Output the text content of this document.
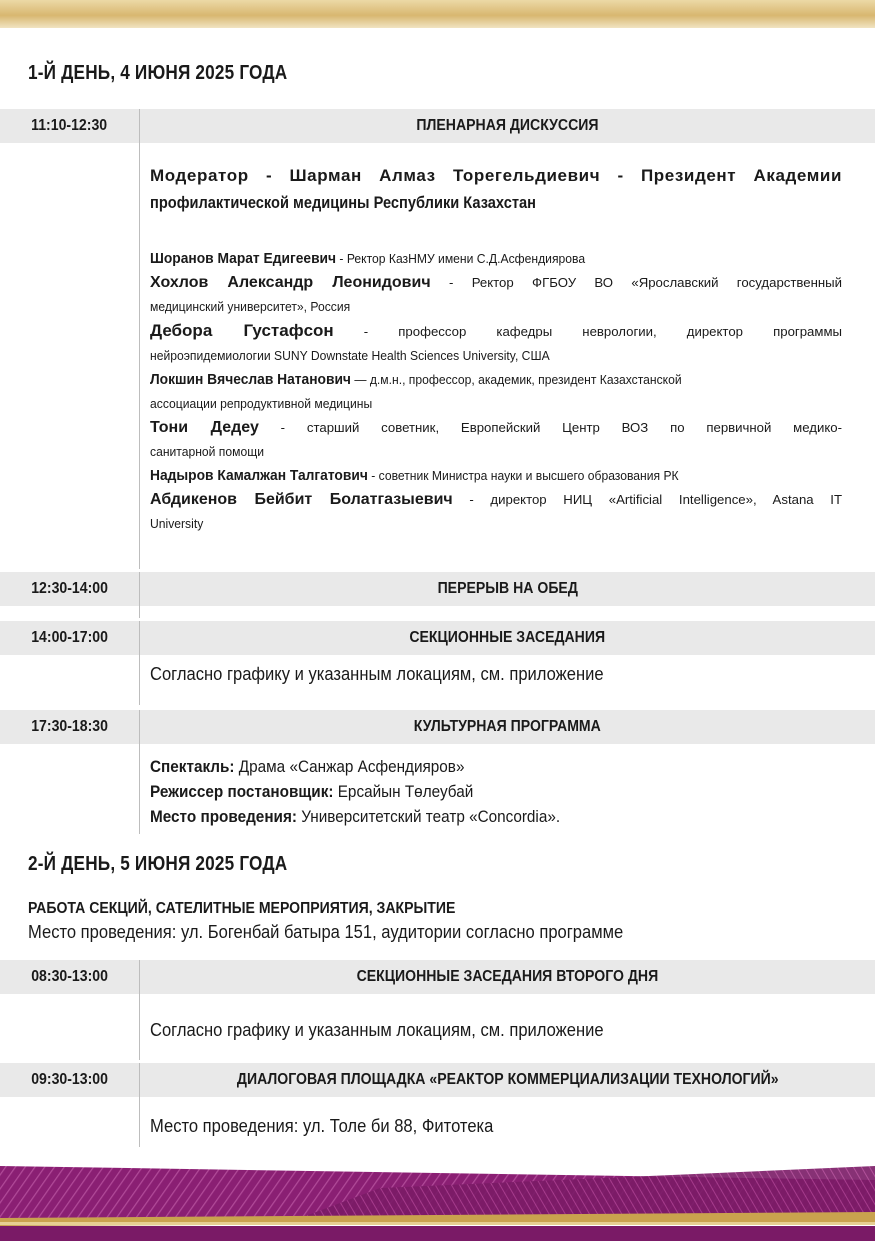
1-Й ДЕНЬ, 4 ИЮНЯ 2025 ГОДА
11:10-12:30	ПЛЕНАРНАЯ ДИСКУССИЯ
Модератор - Шарман Алмаз Торегельдиевич - Президент Академии
профилактической медицины Республики Казахстан
Шоранов Марат Едигеевич - Ректор КазНМУ имени С.Д.Асфендиярова
Хохлов Александр Леонидович - Ректор ФГБОУ ВО «Ярославский государственный
медицинский университет», Россия
Дебора Густафсон - профессор кафедры неврологии, директор программы
нейроэпидемиологии SUNY Downstate Health Sciences University, США
Локшин Вячеслав Натанович — д.м.н., профессор, академик, президент Казахстанской
ассоциации репродуктивной медицины
Тони Дедеу - старший советник, Европейский Центр ВОЗ по первичной медико-
санитарной помощи
Надыров Камалжан Талгатович - советник Министра науки и высшего образования РК
Абдикенов Бейбит Болатгазыевич - директор НИЦ «Artificial Intelligence», Astana IT
University
12:30-14:00	ПЕРЕРЫВ НА ОБЕД
14:00-17:00	СЕКЦИОННЫЕ ЗАСЕДАНИЯ
Согласно графику и указанным локациям, см. приложение
17:30-18:30	КУЛЬТУРНАЯ ПРОГРАММА
Спектакль: Драма «Санжар Асфендияров»
Режиссер постановщик: Ерсайын Төлеубай
Место проведения: Университетский театр «Concordia».
2-Й ДЕНЬ, 5 ИЮНЯ 2025 ГОДА
РАБОТА СЕКЦИЙ, САТЕЛИТНЫЕ МЕРОПРИЯТИЯ, ЗАКРЫТИЕ
Место проведения: ул. Богенбай батыра 151, аудитории согласно программе
08:30-13:00	СЕКЦИОННЫЕ ЗАСЕДАНИЯ ВТОРОГО ДНЯ
Согласно графику и указанным локациям, см. приложение
09:30-13:00	ДИАЛОГОВАЯ ПЛОЩАДКА «РЕАКТОР КОММЕРЦИАЛИЗАЦИИ ТЕХНОЛОГИЙ»
Место проведения: ул. Толе би 88, Фитотека
